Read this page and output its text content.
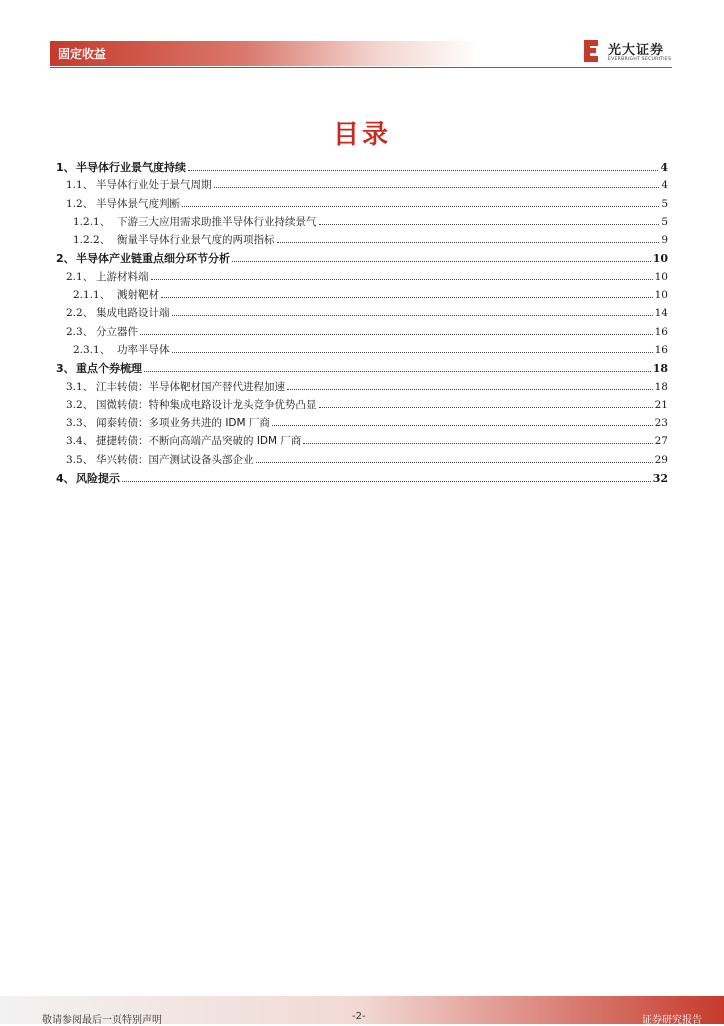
固定收益	光大证券
EVERBRIGHT SECURITIES
目录
1、 半导体行业景气度持续	4
1.1、 半导体行业处于景气周期	4
1.2、 半导体景气度判断	5
1.2.1、 下游三大应用需求助推半导体行业持续景气	5
1.2.2、 衡量半导体行业景气度的两项指标	9
2、 半导体产业链重点细分环节分析	10
2.1、 上游材料端	10
2.1.1、 溅射靶材	10
2.2、 集成电路设计端	14
2.3、 分立器件	16
2.3.1、 功率半导体	16
3、 重点个券梳理	18
3.1、 江丰转债：半导体靶材国产替代进程加速	18
3.2、 国微转债：特种集成电路设计龙头竞争优势凸显	21
3.3、 闻泰转债：多项业务共进的 IDM 厂商	23
3.4、 捷捷转债：不断向高端产品突破的 IDM 厂商	27
3.5、 华兴转债：国产测试设备头部企业	29
4、 风险提示	32
敬请参阅最后一页特别声明	-2-	证券研究报告
